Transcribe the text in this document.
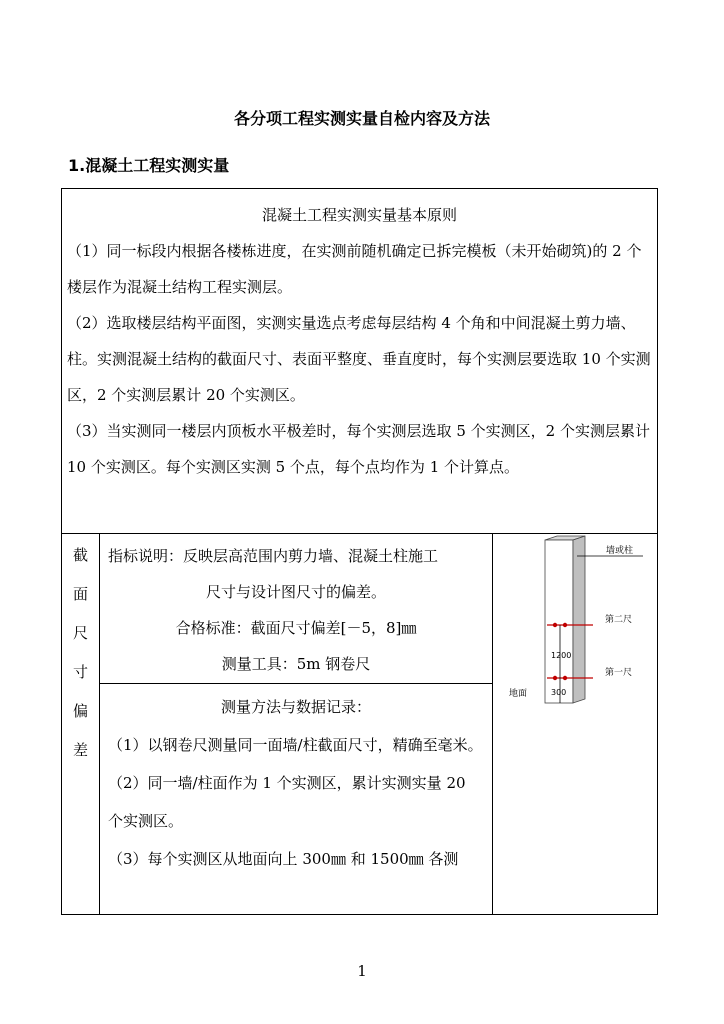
各分项工程实测实量自检内容及方法
1.混凝土工程实测实量
混凝土工程实测实量基本原则

（1）同一标段内根据各楼栋进度，在实测前随机确定已拆完模板（未开始砌筑)的 2 个楼层作为混凝土结构工程实测层。

（2）选取楼层结构平面图，实测实量选点考虑每层结构 4 个角和中间混凝土剪力墙、柱。实测混凝土结构的截面尺寸、表面平整度、垂直度时，每个实测层要选取 10 个实测区，2 个实测层累计 20 个实测区。

（3）当实测同一楼层内顶板水平极差时，每个实测层选取 5 个实测区，2 个实测层累计 10 个实测区。每个实测区实测 5 个点，每个点均作为 1 个计算点。

截
面
尺
寸
偏
差

指标说明：反映层高范围内剪力墙、混凝土柱施工

尺寸与设计图尺寸的偏差。

合格标准：截面尺寸偏差[－5，8]㎜

测量工具：5m 钢卷尺

测量方法与数据记录：

（1）以钢卷尺测量同一面墙/柱截面尺寸，精确至毫米。

（2）同一墙/柱面作为 1 个实测区，累计实测实量 20 个实测区。

（3）每个实测区从地面向上 300㎜ 和 1500㎜ 各测

墙或柱
第二尺
第一尺
1200
300
地面
1
